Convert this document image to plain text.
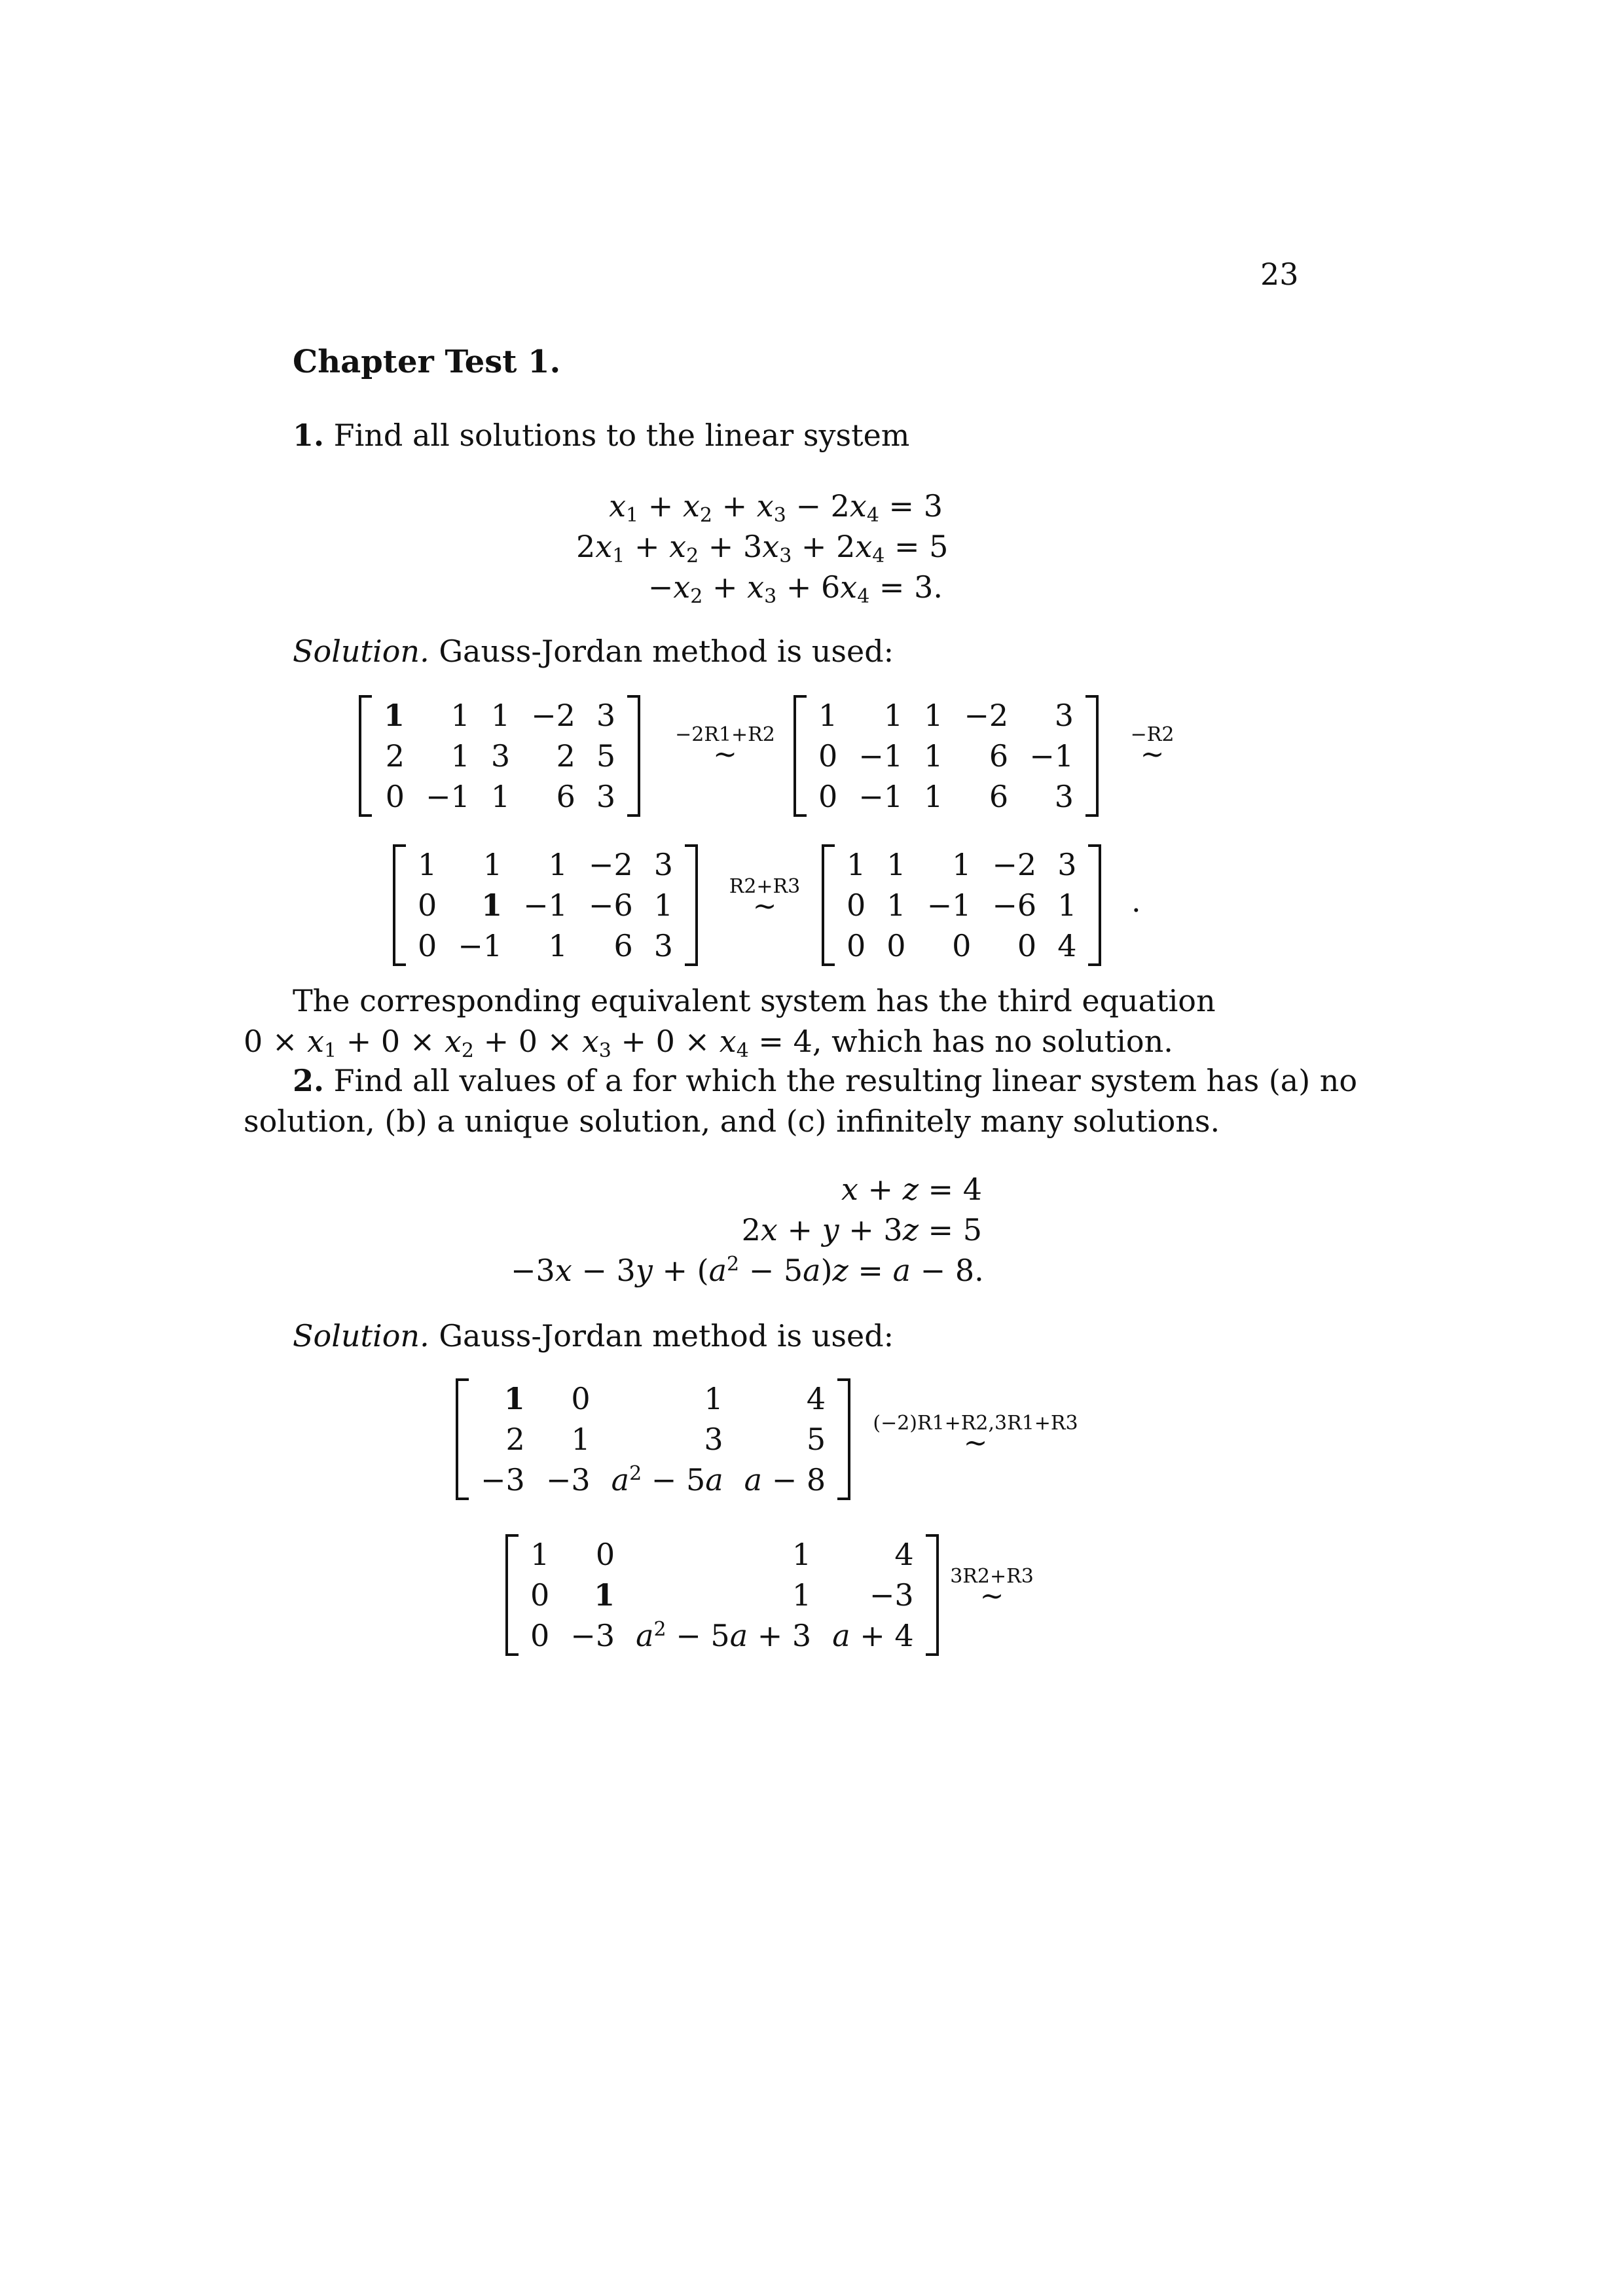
23
Chapter Test 1.
1. Find all solutions to the linear system
$x_1 + x_2 + x_3 - 2x_4 = 3$
$2x_1 + x_2 + 3x_3 + 2x_4 = 5$
$-x_2 + x_3 + 6x_4 = 3$.
Solution. Gauss-Jordan method is used:
1	1	1	−2	3
2	1	3	2	5
0	−1	1	6	3
−2R1+R2
∼
1	1	1	−2	3
0	−1	1	6	−1
0	−1	1	6	3
−R2
∼
1	1	1	−2	3
0	1	−1	−6	1
0	−1	1	6	3
R2+R3
∼
1	1	1	−2	3
0	1	−1	−6	1
0	0	0	0	4
.
The corresponding equivalent system has the third equation
$0 \times x_1 + 0 \times x_2 + 0 \times x_3 + 0 \times x_4 = 4$, which has no solution.
2. Find all values of a for which the resulting linear system has (a) no
solution, (b) a unique solution, and (c) infinitely many solutions.
x + z = 4
2x + y + 3z = 5
$-3x - 3y + (a^2 - 5a)z = a - 8$.
Solution. Gauss-Jordan method is used:
1	0	1	4
2	1	3	5
−3	−3	$a^2 - 5a$	a − 8
(−2)R1+R2,3R1+R3
∼
1	0	1	4
0	1	1	−3
0	−3	$a^2 - 5a + 3$	a + 4
3R2+R3
∼
